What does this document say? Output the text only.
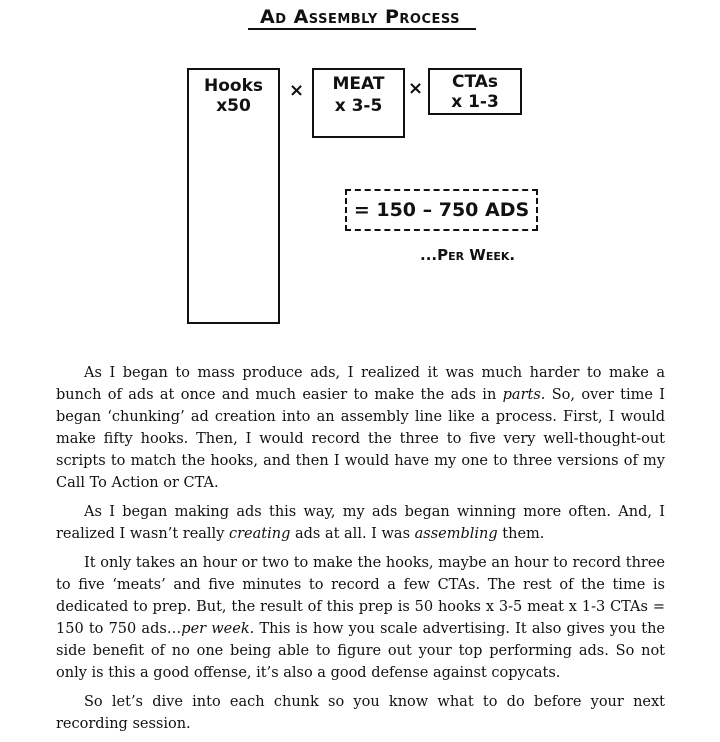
Ad Assembly Process
Hooks
x50
×	MEAT
x 3-5
×	CTAs
x 1-3
= 150 – 750 ADS
...Per Week.

As I began to mass produce ads, I realized it was much harder to make a bunch of ads at once and much easier to make the ads in parts. So, over time I began ‘chunking’ ad creation into an assembly line like a process. First, I would make fifty hooks. Then, I would record the three to five very well-thought-out scripts to match the hooks, and then I would have my one to three versions of my Call To Action or CTA.

As I began making ads this way, my ads began winning more often. And, I realized I wasn’t really creating ads at all. I was assembling them.

It only takes an hour or two to make the hooks, maybe an hour to record three to five ‘meats’ and five minutes to record a few CTAs. The rest of the time is dedicated to prep. But, the result of this prep is 50 hooks x 3-5 meat x 1-3 CTAs = 150 to 750 ads…per week. This is how you scale advertising. It also gives you the side benefit of no one being able to figure out your top performing ads. So not only is this a good offense, it’s also a good defense against copycats.

So let’s dive into each chunk so you know what to do before your next recording session.
